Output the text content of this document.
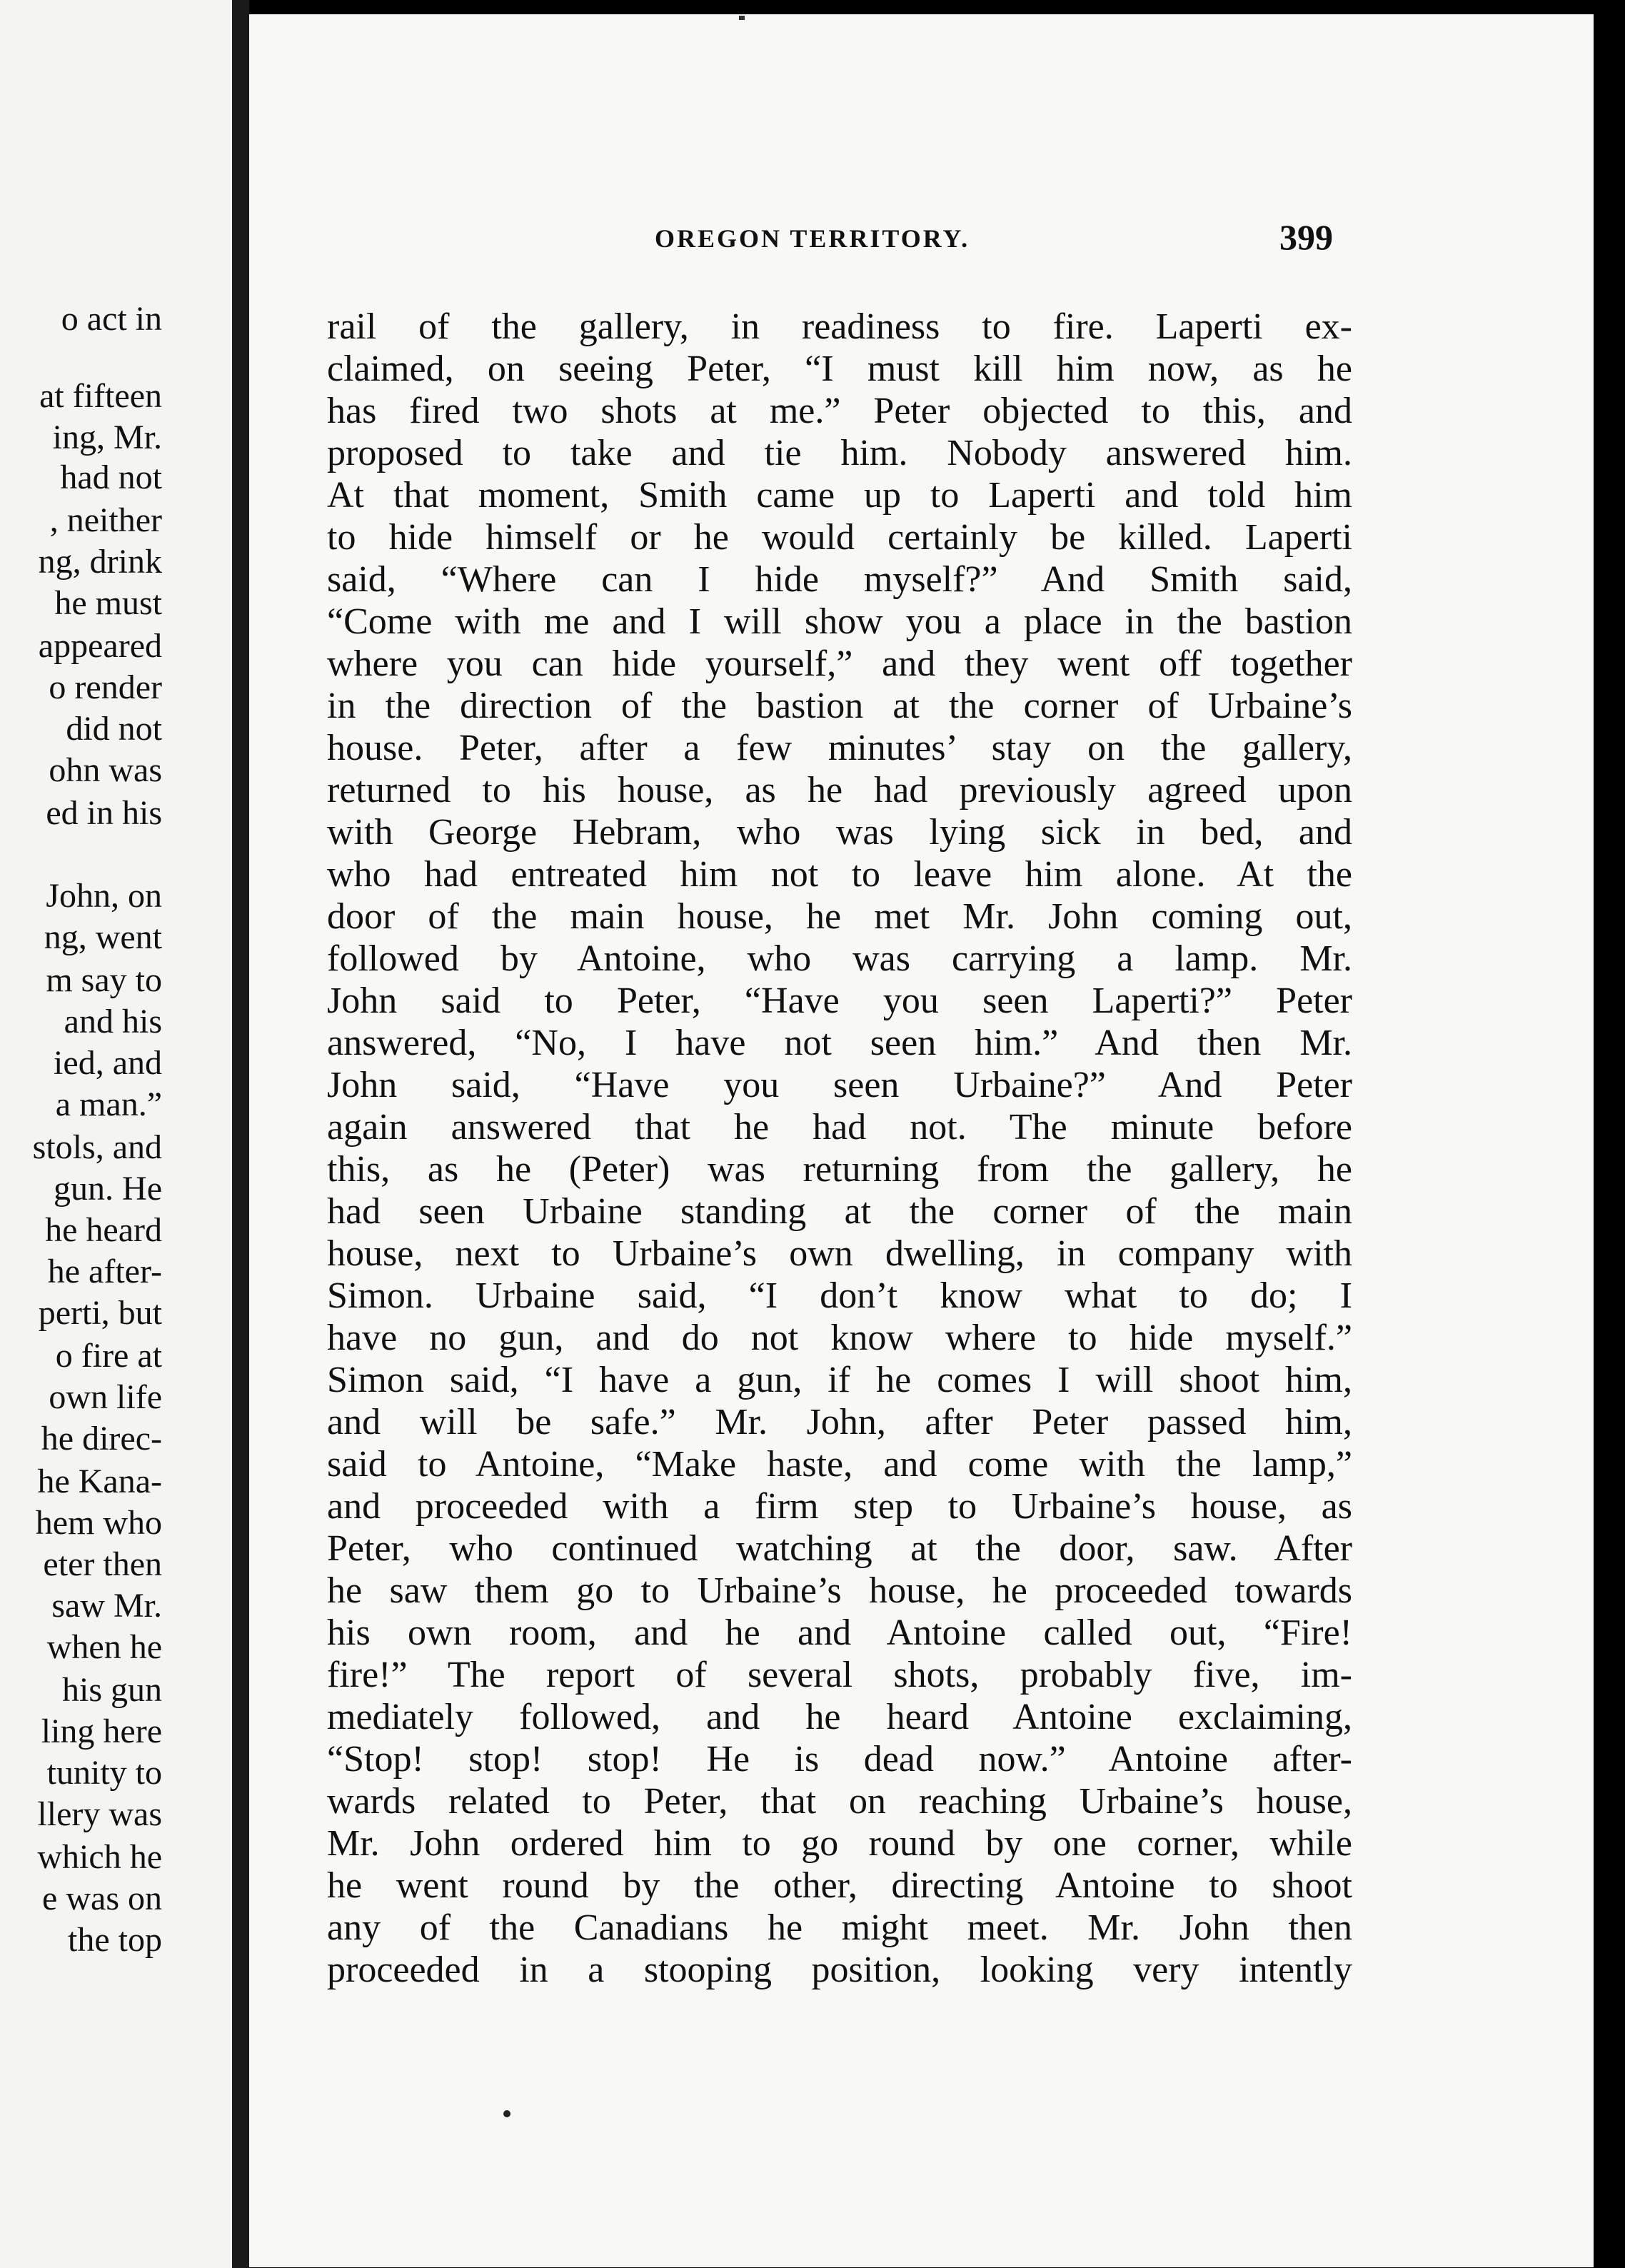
o act in
at fifteen
ing, Mr.
had not
, neither
ng, drink
he must
appeared
o render
did not
ohn was
ed in his
John, on
ng, went
m say to
and his
ied, and
a man.”
stols, and
gun. He
he heard
he after-
perti, but
o fire at
own life
he direc-
he Kana-
hem who
eter then
saw Mr.
when he
his gun
ling here
tunity to
llery was
which he
e was on
the top
OREGON TERRITORY.	399
rail of the gallery, in readiness to fire. Laperti ex-
claimed, on seeing Peter, “I must kill him now, as he
has fired two shots at me.” Peter objected to this, and
proposed to take and tie him. Nobody answered him.
At that moment, Smith came up to Laperti and told him
to hide himself or he would certainly be killed. Laperti
said, “Where can I hide myself?” And Smith said,
“Come with me and I will show you a place in the bastion
where you can hide yourself,” and they went off together
in the direction of the bastion at the corner of Urbaine’s
house. Peter, after a few minutes’ stay on the gallery,
returned to his house, as he had previously agreed upon
with George Hebram, who was lying sick in bed, and
who had entreated him not to leave him alone. At the
door of the main house, he met Mr. John coming out,
followed by Antoine, who was carrying a lamp. Mr.
John said to Peter, “Have you seen Laperti?” Peter
answered, “No, I have not seen him.” And then Mr.
John said, “Have you seen Urbaine?” And Peter
again answered that he had not. The minute before
this, as he (Peter) was returning from the gallery, he
had seen Urbaine standing at the corner of the main
house, next to Urbaine’s own dwelling, in company with
Simon. Urbaine said, “I don’t know what to do; I
have no gun, and do not know where to hide myself.”
Simon said, “I have a gun, if he comes I will shoot him,
and will be safe.” Mr. John, after Peter passed him,
said to Antoine, “Make haste, and come with the lamp,”
and proceeded with a firm step to Urbaine’s house, as
Peter, who continued watching at the door, saw. After
he saw them go to Urbaine’s house, he proceeded towards
his own room, and he and Antoine called out, “Fire!
fire!” The report of several shots, probably five, im-
mediately followed, and he heard Antoine exclaiming,
“Stop! stop! stop! He is dead now.” Antoine after-
wards related to Peter, that on reaching Urbaine’s house,
Mr. John ordered him to go round by one corner, while
he went round by the other, directing Antoine to shoot
any of the Canadians he might meet. Mr. John then
proceeded in a stooping position, looking very intently
